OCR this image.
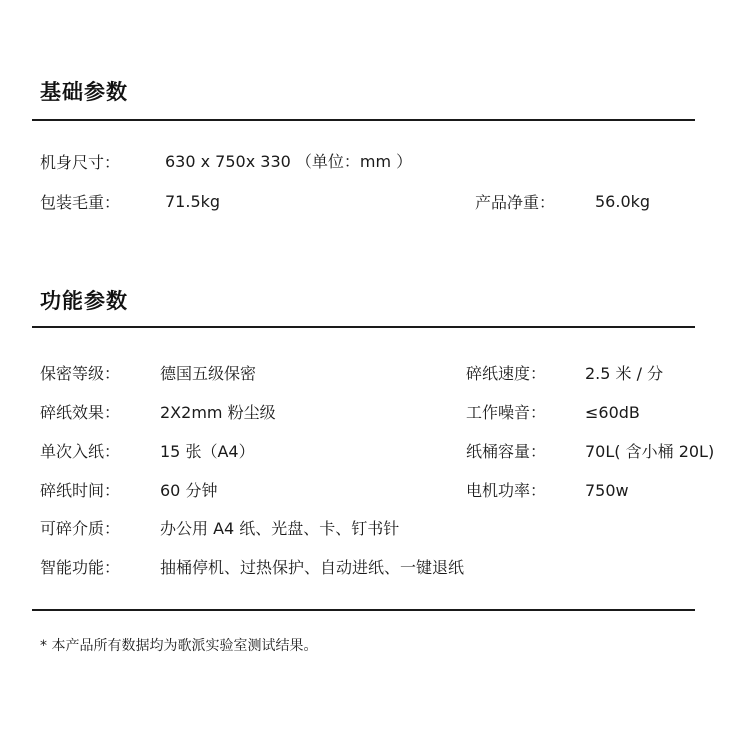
基础参数
机身尺寸：	630 x 750x 330 （单位：mm ）
包装毛重：	71.5kg	产品净重： 56.0kg
功能参数
保密等级： 德国五级保密	碎纸速度： 2.5 米 / 分
碎纸效果： 2X2mm 粉尘级	工作噪音： ≤60dB
单次入纸： 15 张（A4）	纸桶容量： 70L( 含小桶 20L)
碎纸时间： 60 分钟	电机功率： 750w
可碎介质： 办公用 A4 纸、光盘、卡、钉书针
智能功能： 抽桶停机、过热保护、自动进纸、一键退纸
* 本产品所有数据均为歌派实验室测试结果。
